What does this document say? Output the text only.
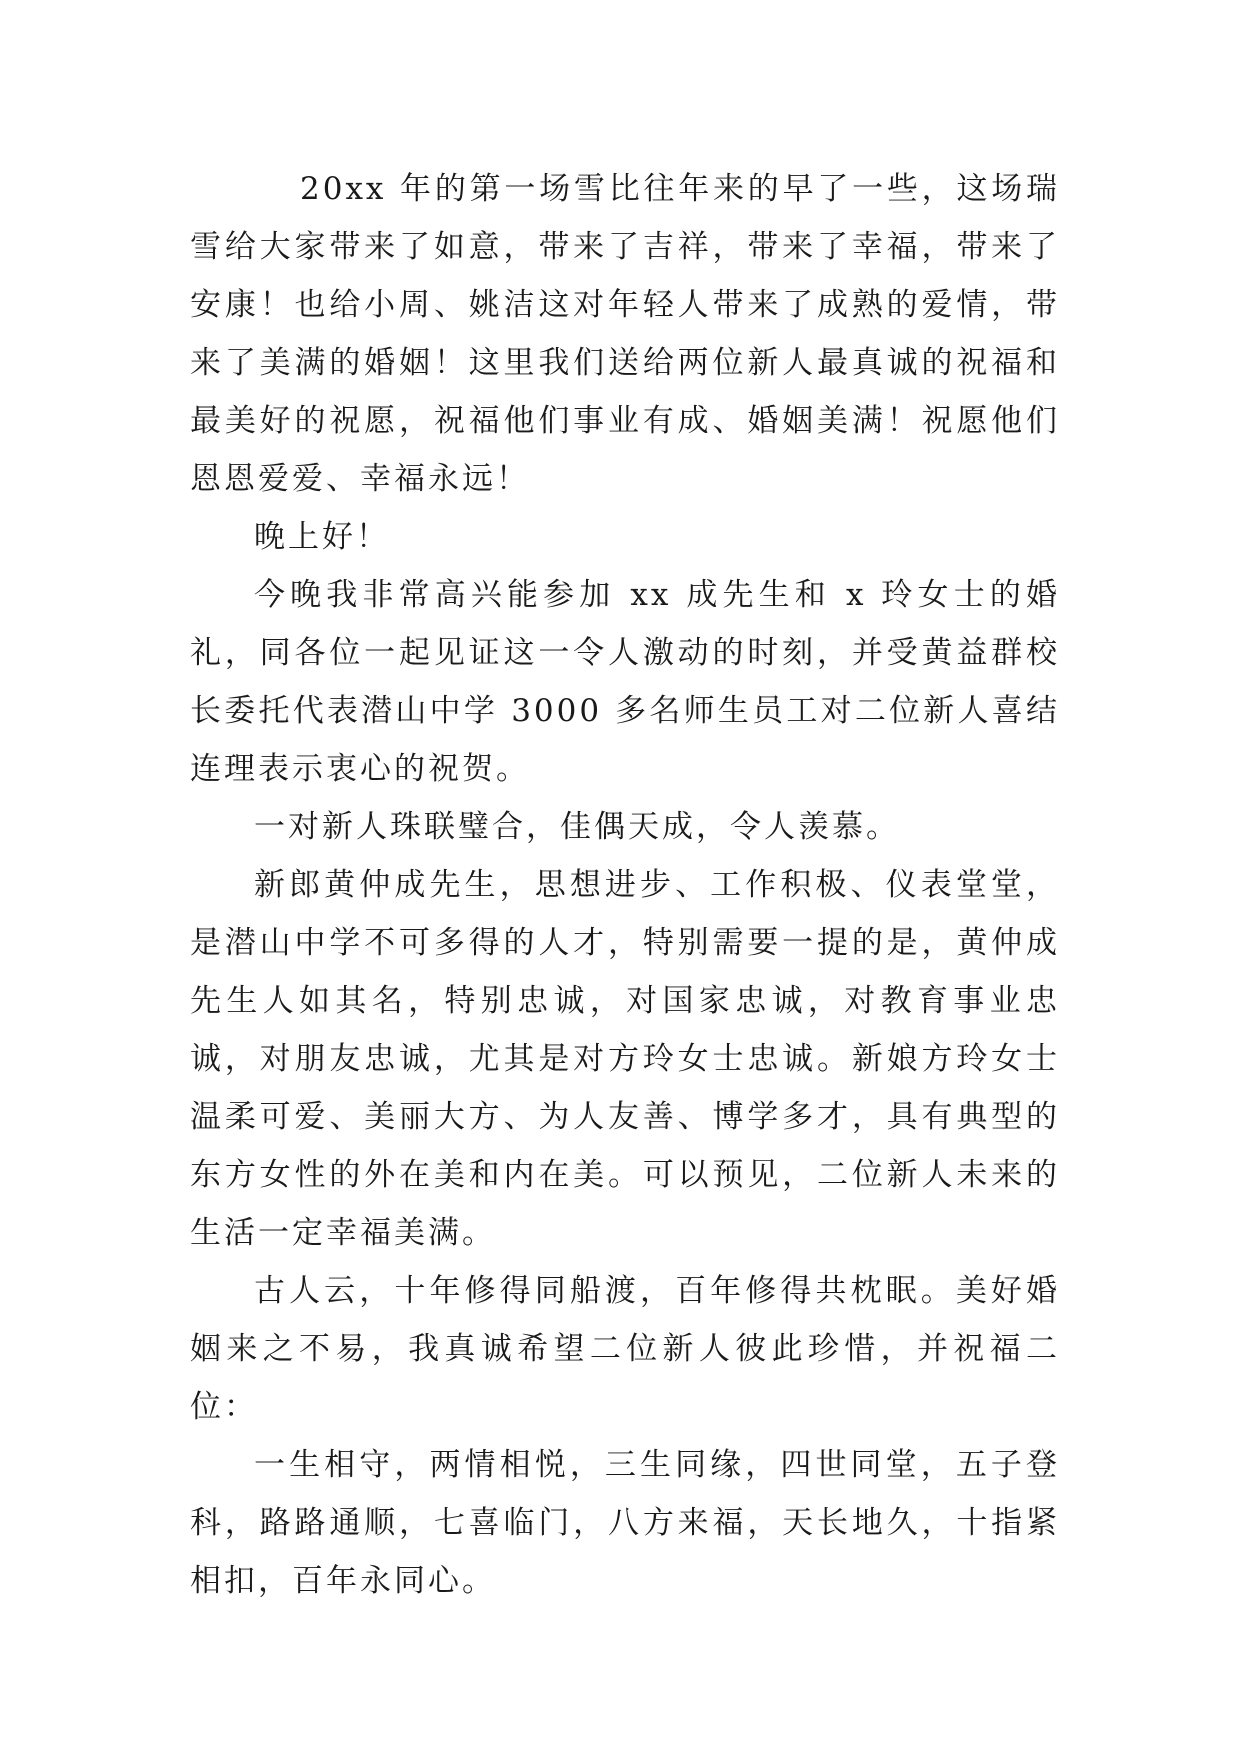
20xx 年的第一场雪比往年来的早了一些，这场瑞雪给大家带来了如意，带来了吉祥，带来了幸福，带来了安康！也给小周、姚洁这对年轻人带来了成熟的爱情，带来了美满的婚姻！这里我们送给两位新人最真诚的祝福和最美好的祝愿，祝福他们事业有成、婚姻美满！祝愿他们恩恩爱爱、幸福永远！

晚上好！

今晚我非常高兴能参加 xx 成先生和 x 玲女士的婚礼，同各位一起见证这一令人激动的时刻，并受黄益群校长委托代表潜山中学 3000 多名师生员工对二位新人喜结连理表示衷心的祝贺。

一对新人珠联璧合，佳偶天成，令人羡慕。

新郎黄仲成先生，思想进步、工作积极、仪表堂堂，是潜山中学不可多得的人才，特别需要一提的是，黄仲成先生人如其名，特别忠诚，对国家忠诚，对教育事业忠诚，对朋友忠诚，尤其是对方玲女士忠诚。新娘方玲女士温柔可爱、美丽大方、为人友善、博学多才，具有典型的东方女性的外在美和内在美。可以预见，二位新人未来的生活一定幸福美满。

古人云，十年修得同船渡，百年修得共枕眠。美好婚姻来之不易，我真诚希望二位新人彼此珍惜，并祝福二位：

一生相守，两情相悦，三生同缘，四世同堂，五子登科，路路通顺，七喜临门，八方来福，天长地久，十指紧相扣，百年永同心。
